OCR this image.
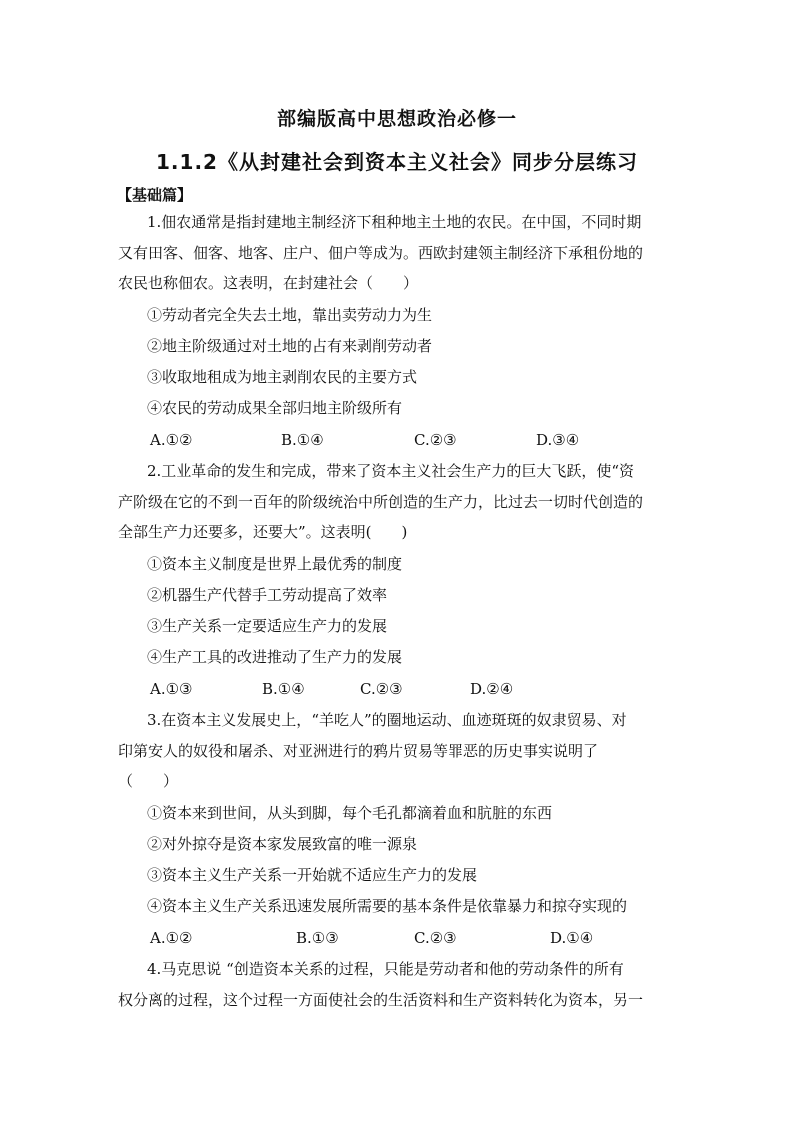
部编版高中思想政治必修一
1.1.2《从封建社会到资本主义社会》同步分层练习
【基础篇】
1.佃农通常是指封建地主制经济下租种地主土地的农民。在中国，不同时期
又有田客、佃客、地客、庄户、佃户等成为。西欧封建领主制经济下承租份地的
农民也称佃农。这表明，在封建社会（　　）
①劳动者完全失去土地，靠出卖劳动力为生
②地主阶级通过对土地的占有来剥削劳动者
③收取地租成为地主剥削农民的主要方式
④农民的劳动成果全部归地主阶级所有
A.①②	B.①④	C.②③	D.③④
2.工业革命的发生和完成，带来了资本主义社会生产力的巨大飞跃，使“资
产阶级在它的不到一百年的阶级统治中所创造的生产力，比过去一切时代创造的
全部生产力还要多，还要大”。这表明(　　)
①资本主义制度是世界上最优秀的制度
②机器生产代替手工劳动提高了效率
③生产关系一定要适应生产力的发展
④生产工具的改进推动了生产力的发展
A.①③	B.①④	C.②③	D.②④
3.在资本主义发展史上，“羊吃人”的圈地运动、血迹斑斑的奴隶贸易、对
印第安人的奴役和屠杀、对亚洲进行的鸦片贸易等罪恶的历史事实说明了
（　　）
①资本来到世间，从头到脚，每个毛孔都滴着血和肮脏的东西
②对外掠夺是资本家发展致富的唯一源泉
③资本主义生产关系一开始就不适应生产力的发展
④资本主义生产关系迅速发展所需要的基本条件是依靠暴力和掠夺实现的
A.①②	B.①③	C.②③	D.①④
4.马克思说 “创造资本关系的过程，只能是劳动者和他的劳动条件的所有
权分离的过程，这个过程一方面使社会的生活资料和生产资料转化为资本，另一
